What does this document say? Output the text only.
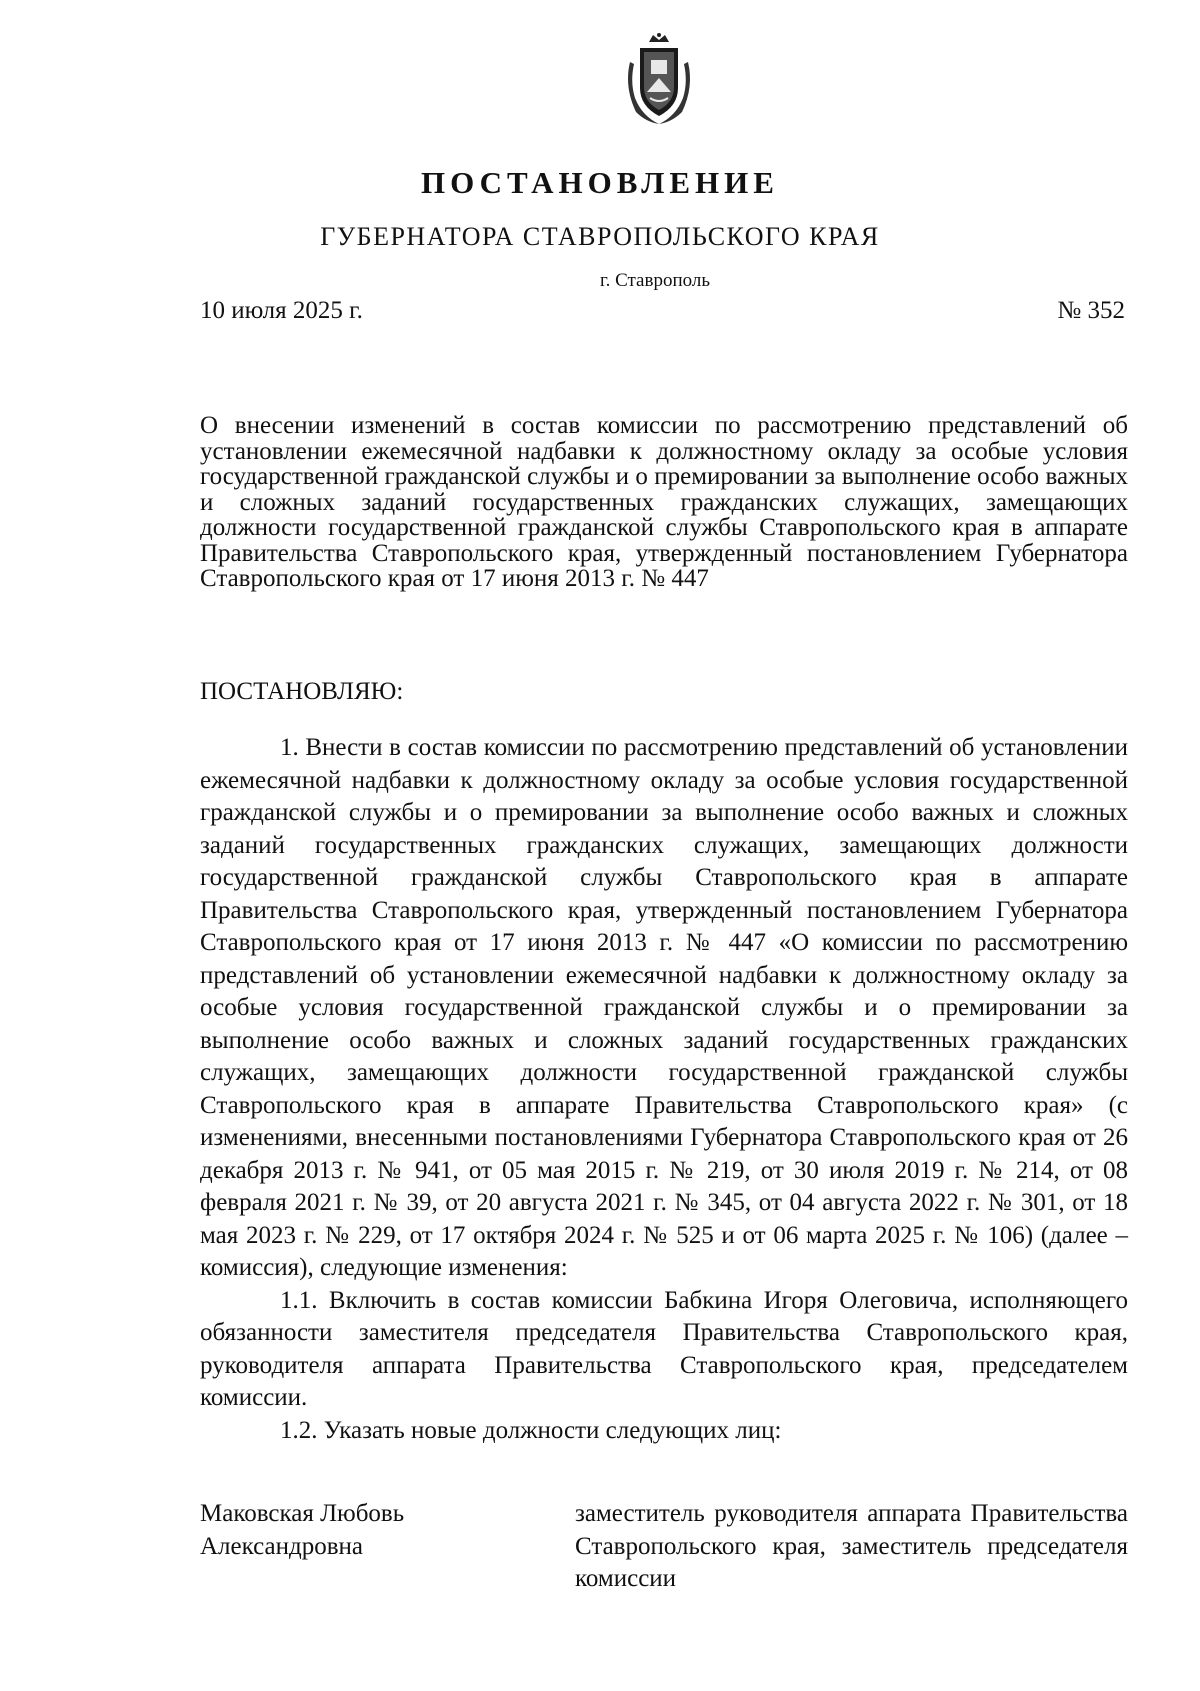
ПОСТАНОВЛЕНИЕ
ГУБЕРНАТОРА СТАВРОПОЛЬСКОГО КРАЯ
г. Ставрополь
10 июля 2025 г.	№ 352
О внесении изменений в состав комиссии по рассмотрению представлений об установлении ежемесячной надбавки к должностному окладу за особые условия государственной гражданской службы и о премировании за выполнение особо важных и сложных заданий государственных гражданских служащих, замещающих должности государственной гражданской службы Ставропольского края в аппарате Правительства Ставропольского края, утвержденный постановлением Губернатора Ставропольского края от 17 июня 2013 г. № 447
ПОСТАНОВЛЯЮ:

1. Внести в состав комиссии по рассмотрению представлений об установлении ежемесячной надбавки к должностному окладу за особые условия государственной гражданской службы и о премировании за выполнение особо важных и сложных заданий государственных гражданских служащих, замещающих должности государственной гражданской службы Ставропольского края в аппарате Правительства Ставропольского края, утвержденный постановлением Губернатора Ставропольского края от 17 июня 2013 г. № 447 «О комиссии по рассмотрению представлений об установлении ежемесячной надбавки к должностному окладу за особые условия государственной гражданской службы и о премировании за выполнение особо важных и сложных заданий государственных гражданских служащих, замещающих должности государственной гражданской службы Ставропольского края в аппарате Правительства Ставропольского края» (с изменениями, внесенными постановлениями Губернатора Ставропольского края от 26 декабря 2013 г. № 941, от 05 мая 2015 г. № 219, от 30 июля 2019 г. № 214, от 08 февраля 2021 г. № 39, от 20 августа 2021 г. № 345, от 04 августа 2022 г. № 301, от 18 мая 2023 г. № 229, от 17 октября 2024 г. № 525 и от 06 марта 2025 г. № 106) (далее – комиссия), следующие изменения:

1.1. Включить в состав комиссии Бабкина Игоря Олеговича, исполняющего обязанности заместителя председателя Правительства Ставропольского края, руководителя аппарата Правительства Ставропольского края, председателем комиссии.

1.2. Указать новые должности следующих лиц:

Маковская Любовь
Александровна
заместитель руководителя аппарата Правительства Ставропольского края, заместитель председателя комиссии
